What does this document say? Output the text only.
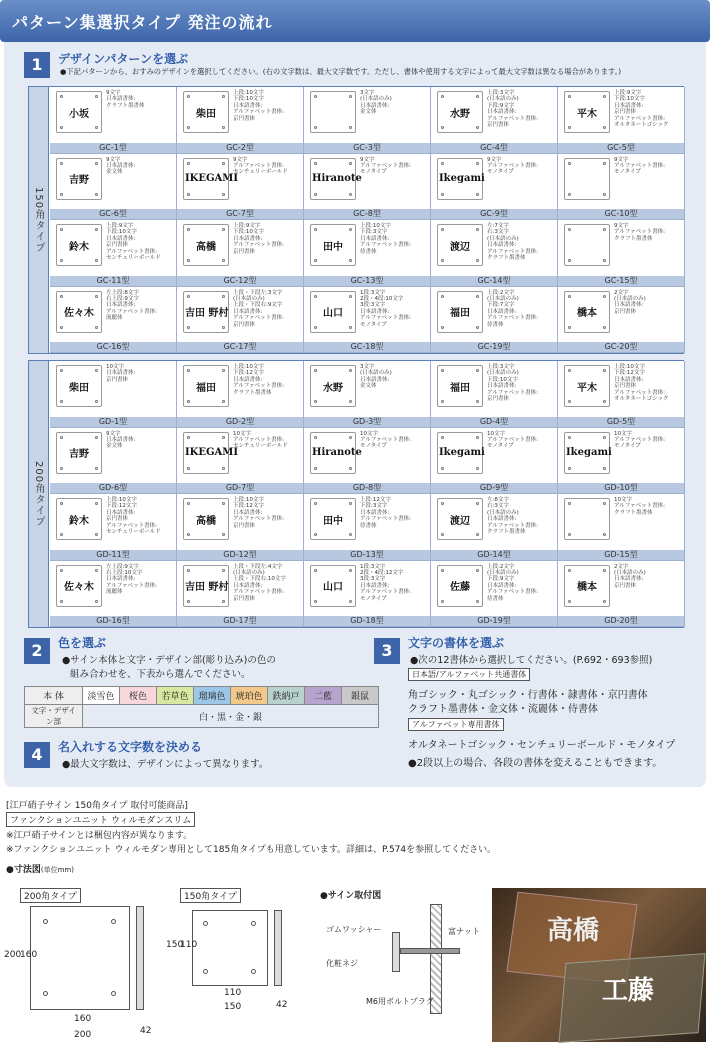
パターン集選択タイプ 発注の流れ
1	デザインパターンを選ぶ
●下記パターンから、おすみのデザインを選択してください。(右の文字数は、最大文字数です。ただし、書体や使用する文字によって最大文字数は異なる場合があります。)
150角タイプ
小坂
9文字
日本語書体:
クラフト墨書体
GC-1型
柴田
上段:10文字
下段:10文字
日本語書体:
アルファベット書体:
京円書体
GC-2型
3文字
(日本語のみ)
日本語書体:
金文体
GC-3型
水野
上段:3文字
(日本語のみ)
下段:9文字
日本語書体:
アルファベット書体:
京円書体
GC-4型
平木
上段:9文字
下段:10文字
日本語書体:
京円書体
アルファベット書体:
オルタネートゴシック
GC-5型
吉野
9文字
日本語書体:
金文体
GC-6型
IKEGAMI
9文字
アルファベット書体:
センチュリーボールド
GC-7型
Hiranote
9文字
アルファベット書体:
モノタイプ
GC-8型
Ikegami
9文字
アルファベット書体:
モノタイプ
GC-9型
9文字
アルファベット書体:
モノタイプ
GC-10型
鈴木
上段:9文字
下段:10文字
日本語書体:
京円書体
アルファベット書体:
センチュリーボールド
GC-11型
高橋
上段:9文字
下段:10文字
日本語書体:
アルファベット書体:
京円書体
GC-12型
田中
上段:10文字
下段:3文字
日本語書体:
アルファベット書体:
侍書体
GC-13型
渡辺
左:7文字
右:3文字
(日本語のみ)
日本語書体:
アルファベット書体:
クラフト墨書体
GC-14型
9文字
アルファベット書体:
クラフト墨書体
GC-15型
佐々木
左上段:8文字
右上段:9文字
日本語書体:
アルファベット書体:
流麗体
GC-16型
吉田 野村
上段・下段左:3文字
(日本語のみ)
上段・下段右:9文字
日本語書体:
アルファベット書体:
京円書体
GC-17型
山口
1段:3文字
2段・4段:10文字
3段:3文字
日本語書体:
アルファベット書体:
モノタイプ
GC-18型
福田
上段:2文字
(日本語のみ)
下段:7文字
日本語書体:
アルファベット書体:
侍書体
GC-19型
橋本
2文字
(日本語のみ)
日本語書体:
京円書体
GC-20型
200角タイプ
柴田
10文字
日本語書体:
京円書体
GD-1型
福田
上段:10文字
下段:12文字
日本語書体:
アルファベット書体:
クラフト墨書体
GD-2型
水野
3文字
(日本語のみ)
日本語書体:
金文体
GD-3型
福田
上段:3文字
(日本語のみ)
下段:10文字
日本語書体:
アルファベット書体:
京円書体
GD-4型
平木
上段:10文字
下段:12文字
日本語書体:
京円書体
アルファベット書体:
オルタネートゴシック
GD-5型
吉野
9文字
日本語書体:
金文体
GD-6型
IKEGAMI
10文字
アルファベット書体:
センチュリーボールド
GD-7型
Hiranote
10文字
アルファベット書体:
モノタイプ
GD-8型
Ikegami
10文字
アルファベット書体:
モノタイプ
GD-9型
Ikegami
10文字
アルファベット書体:
モノタイプ
GD-10型
鈴木
上段:10文字
下段:12文字
日本語書体:
京円書体
アルファベット書体:
センチュリーボールド
GD-11型
高橋
上段:10文字
下段:12文字
日本語書体:
アルファベット書体:
京円書体
GD-12型
田中
上段:12文字
下段:3文字
日本語書体:
アルファベット書体:
侍書体
GD-13型
渡辺
左:8文字
右:3文字
(日本語のみ)
日本語書体:
アルファベット書体:
クラフト墨書体
GD-14型
10文字
アルファベット書体:
クラフト墨書体
GD-15型
佐々木
左上段:9文字
右上段:10文字
日本語書体:
アルファベット書体:
流麗体
GD-16型
吉田 野村
上段・下段左:4文字
(日本語のみ)
上段・下段右:10文字
日本語書体:
アルファベット書体:
京円書体
GD-17型
山口
1段:3文字
2段・4段:12文字
3段:3文字
日本語書体:
アルファベット書体:
モノタイプ
GD-18型
佐藤
上段:2文字
(日本語のみ)
下段:9文字
日本語書体:
アルファベット書体:
侍書体
GD-19型
橋本
2文字
(日本語のみ)
日本語書体:
京円書体
GD-20型
2	色を選ぶ
●サイン本体と文字・デザイン部(彫り込み)の色の
組み合わせを、下表から選んでください。
本 体	淡雪色	桜色	若草色	瑠璃色	琥珀色	鉄納戸	二藍	銀鼠
文字・デザイン部	白・黒・金・銀							
4	名入れする文字数を決める
●最大文字数は、デザインによって異なります。
3	文字の書体を選ぶ
●次の12書体から選択してください。(P.692・693参照)
日本語/アルファベット共通書体
角ゴシック・丸ゴシック・行書体・隷書体・京円書体
クラフト墨書体・金文体・流麗体・侍書体
アルファベット専用書体
オルタネートゴシック・センチュリーボールド・モノタイプ
●2段以上の場合、各段の書体を変えることもできます。
[江戸硝子サイン 150角タイプ 取付可能商品]
ファンクションユニット ウィルモダンスリム
※江戸硝子サインとは梱包内容が異なります。
※ファンクションユニット ウィルモダン専用として185角タイプも用意しています。詳細は、P.574を参照してください。
●寸法図(単位mm)
200角タイプ	150角タイプ
200
160
160
200	42
150
110
110
150	42
●サイン取付図
ゴムワッシャー
化粧ネジ
M6用ボルトプラグ
富ナット	高橋
工藤
